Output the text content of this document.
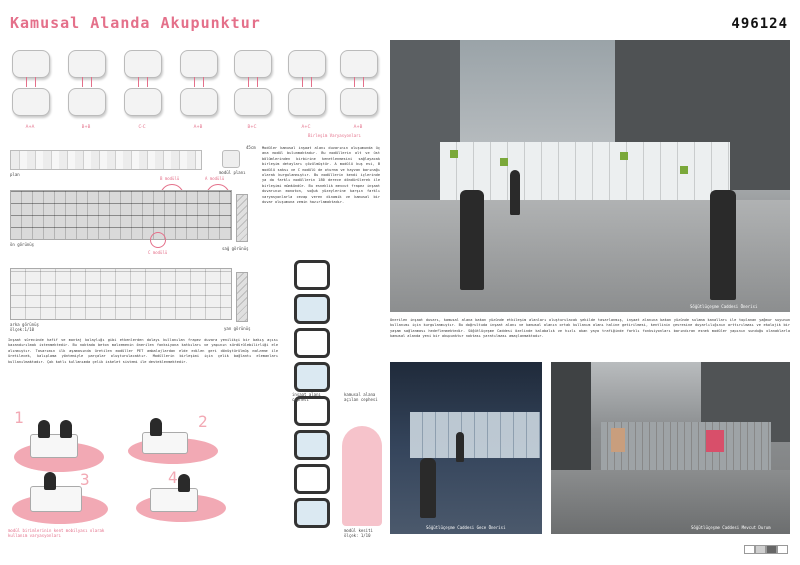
Kamusal Alanda Akupunktur	496124
A+A	B+B	C-C	A+B	B+C	A+C	A+B
Birleşim Varyasyonları
plan
45cm
modül planı
B modülü	A modülü
C modülü
ön görünüş
sağ görünüş
arka görünüş
ölçek:1/10	yan görünüş
Modüler kamusal inşaat alanı duvarının oluşumunda üç ana modül bulunmaktadır. Bu modüllerin alt ve üst bölümlerinden birbirine kenetlenmesini sağlayacak birleşim detayları çözülmüştür. A modülü kuş evi, B modülü saksı ve C modülü de oturma ve hayvan barınağı olarak kurgulanmıştır. Bu modüllerin kendi içlerinde ya da farklı modüllerin 180 derece döndürülerek ile birleşimi mümkündür. Bu esneklik mevcut frapez inşaat duvarının monoton, soğuk yüzeylerine karşın farklı varyasyonlarla cevap veren dinamik ve kamusal bir duvar oluşumuna zemin hazırlamaktadır.
İnşaat sürecinde hafif ve montaj kolaylığı gibi etkenlerden dolayı kullanılan frapez duvara yenilikçi bir bakış açısı kazandırılmak istenmektedir. Bu noktada beton malzemenin önerilen fonksiyona katkıları ve yapının sürdürülebilirliği ele alınmıştır. Tasarımın ilk aşamasında üretilen modüller PET ambalajlardan elde edilen geri dönüştürülmüş malzeme ile üretilecek, kalıplama yöntemiyle parçalar oluşturulacaktır. Modüllerin birleşimi için çelik bağlantı elemanları kullanılmaktadır. Çok katlı kullanımda çelik iskelet sistemi ile desteklenmektedir.
1	2
3	4
modül birimlerinin kent mobilyası olarak kullanım varyasyonları
inşaat alanı cephesi
kamusal alana açılan cephesi
modül kesiti
ölçek: 1/10
Söğütlüçeşme Caddesi Önerisi
Önerilen inşaat duvarı, kamusal alana bakan yüzünde etkileşim alanları oluşturulacak şekilde tasarlanmış, inşaat alanına bakan yüzünde sulama kanalları ile toplanan yağmur suyunun kullanımı için kurgulanmıştır. Bu doğrultuda inşaat alanı ve kamusal alanın ortak kullanım alanı haline getirilmesi, kentlinin çevresine duyarlılığının arttırılması ve ekolojik bir yaşam sağlanması hedeflenmektedir. Söğütlüçeşme Caddesi özelinde kalabalık ve hızlı akan yaya trafiğinde farklı fonksiyonları barındıran esnek modüler yapının sunduğu olanaklarla kamusal alanda yeni bir akupunktur noktası yaratılması amaçlanmaktadır.
Söğütlüçeşme Caddesi Gece Önerisi	Söğütlüçeşme Caddesi Mevcut Durum
